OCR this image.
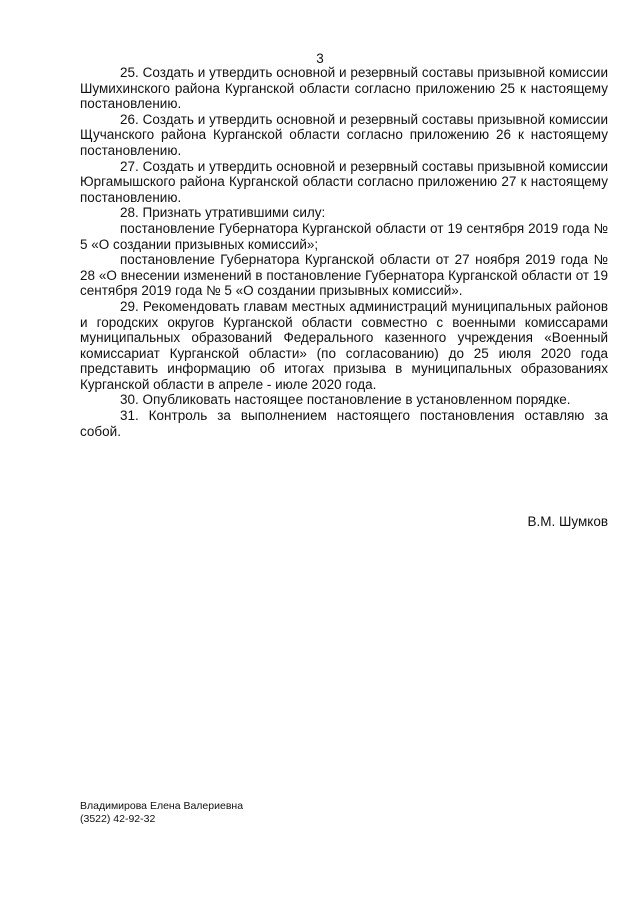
3

25. Создать и утвердить основной и резервный составы призывной комиссии Шумихинского района Курганской области согласно приложению 25 к настоящему постановлению.

26. Создать и утвердить основной и резервный составы призывной комиссии Щучанского района Курганской области согласно приложению 26 к настоящему постановлению.

27. Создать и утвердить основной и резервный составы призывной комиссии Юргамышского района Курганской области согласно приложению 27 к настоящему постановлению.

28. Признать утратившими силу:

постановление Губернатора Курганской области от 19 сентября 2019 года № 5 «О создании призывных комиссий»;

постановление Губернатора Курганской области от 27 ноября 2019 года № 28 «О внесении изменений в постановление Губернатора Курганской области от 19 сентября 2019 года № 5 «О создании призывных комиссий».

29. Рекомендовать главам местных администраций муниципальных районов и городских округов Курганской области совместно с военными комиссарами муниципальных образований Федерального казенного учреждения «Военный комиссариат Курганской области» (по согласованию) до 25 июля 2020 года представить информацию об итогах призыва в муниципальных образованиях Курганской области в апреле - июле 2020 года.

30. Опубликовать настоящее постановление в установленном порядке.

31. Контроль за выполнением настоящего постановления оставляю за собой.

В.М. Шумков
Владимирова Елена Валериевна
(3522) 42-92-32
